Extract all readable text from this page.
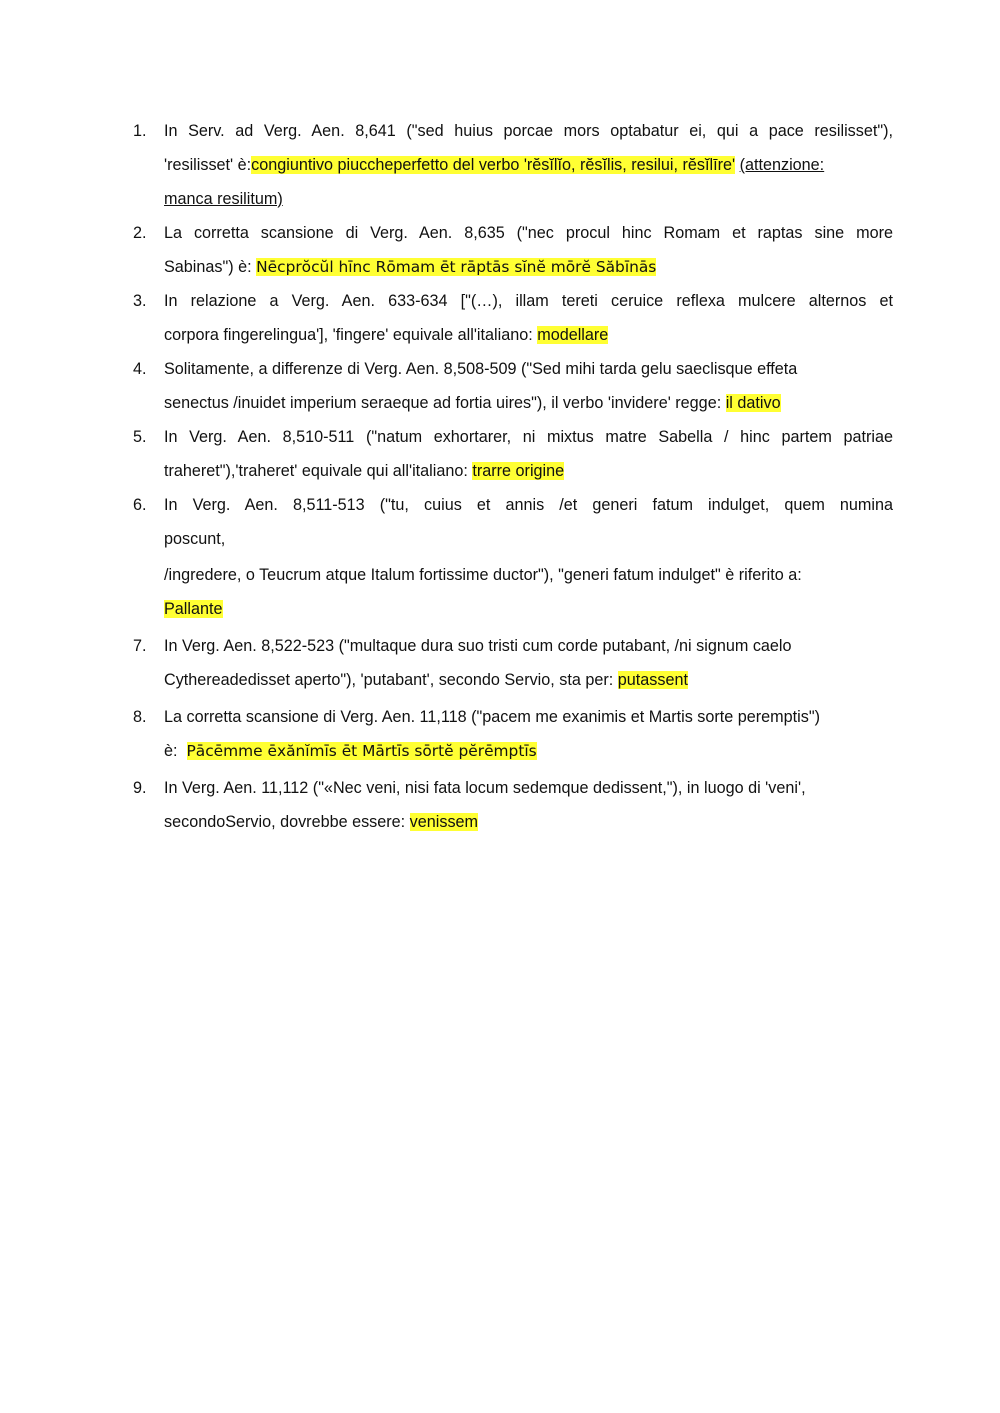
1.	In Serv. ad Verg. Aen. 8,641 ("sed huius porcae mors optabatur ei, qui a pace resilisset"),
'resilisset' è:congiuntivo piuccheperfetto del verbo 'rĕsĭlĭo, rĕsĭlis, resilui, rĕsĭlīre' (attenzione:
manca resilitum)
2.	La corretta scansione di Verg. Aen. 8,635 ("nec procul hinc Romam et raptas sine more
Sabinas") è: Nēcprŏcŭl hīnc Rōmam ēt rāptās sĭnĕ mōrĕ Săbīnās
3.	In relazione a Verg. Aen. 633-634 ["(…), illam tereti ceruice reflexa mulcere alternos et
corpora fingerelingua'], 'fingere' equivale all'italiano: modellare
4.	Solitamente, a differenze di Verg. Aen. 8,508-509 ("Sed mihi tarda gelu saeclisque effeta
senectus /inuidet imperium seraeque ad fortia uires"), il verbo 'invidere' regge: il dativo
5.	In Verg. Aen. 8,510-511 ("natum exhortarer, ni mixtus matre Sabella / hinc partem patriae
traheret"),'traheret' equivale qui all'italiano: trarre origine
6.	In Verg. Aen. 8,511-513 ("tu, cuius et annis /et generi fatum indulget, quem numina
poscunt,
/ingredere, o Teucrum atque Italum fortissime ductor"), "generi fatum indulget" è riferito a:
Pallante
7.	In Verg. Aen. 8,522-523 ("multaque dura suo tristi cum corde putabant, /ni signum caelo
Cythereadedisset aperto"), 'putabant', secondo Servio, sta per: putassent
8.	La corretta scansione di Verg. Aen. 11,118 ("pacem me exanimis et Martis sorte peremptis")
è:  Pācēmme ēxănĭmīs ēt Mārtīs sōrtĕ pĕrēmptīs
9.	In Verg. Aen. 11,112 ("«Nec veni, nisi fata locum sedemque dedissent,"), in luogo di 'veni',
secondoServio, dovrebbe essere: venissem
